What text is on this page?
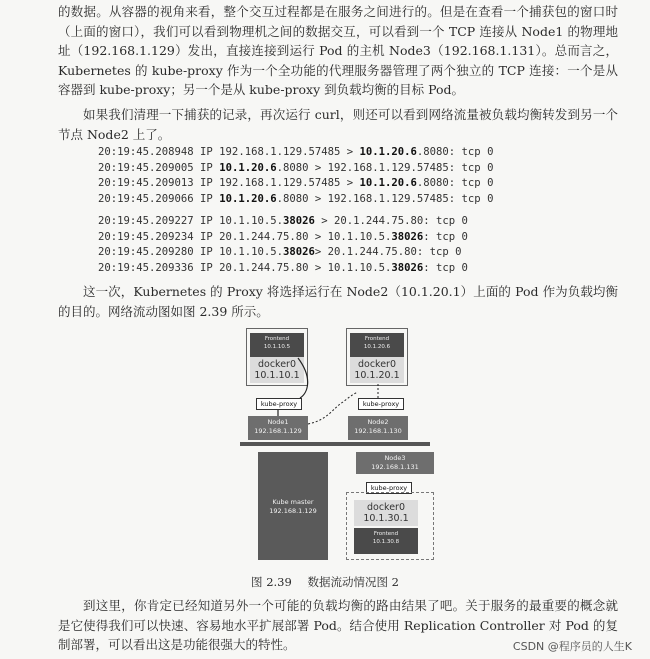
的数据。从容器的视角来看，整个交互过程都是在服务之间进行的。但是在查看一个捕获包的窗口时（上面的窗口），我们可以看到物理机之间的数据交互，可以看到一个 TCP 连接从 Node1 的物理地址（192.168.1.129）发出，直接连接到运行 Pod 的主机 Node3（192.168.1.131）。总而言之，Kubernetes 的 kube-proxy 作为一个全功能的代理服务器管理了两个独立的 TCP 连接：一个是从容器到 kube-proxy；另一个是从 kube-proxy 到负载均衡的目标 Pod。
如果我们清理一下捕获的记录，再次运行 curl，则还可以看到网络流量被负载均衡转发到另一个节点 Node2 上了。
20:19:45.208948 IP 192.168.1.129.57485 > 10.1.20.6.8080: tcp 0
20:19:45.209005 IP 10.1.20.6.8080 > 192.168.1.129.57485: tcp 0
20:19:45.209013 IP 192.168.1.129.57485 > 10.1.20.6.8080: tcp 0
20:19:45.209066 IP 10.1.20.6.8080 > 192.168.1.129.57485: tcp 0
20:19:45.209227 IP 10.1.10.5.38026 > 20.1.244.75.80: tcp 0
20:19:45.209234 IP 20.1.244.75.80 > 10.1.10.5.38026: tcp 0
20:19:45.209280 IP 10.1.10.5.38026> 20.1.244.75.80: tcp 0
20:19:45.209336 IP 20.1.244.75.80 > 10.1.10.5.38026: tcp 0
这一次，Kubernetes 的 Proxy 将选择运行在 Node2（10.1.20.1）上面的 Pod 作为负载均衡的目的。网络流动图如图 2.39 所示。
Frontend
10.1.10.5
docker0
10.1.10.1
Frontend
10.1.20.6
docker0
10.1.20.1
kube-proxy	kube-proxy
Node1
192.168.1.129
Node2
192.168.1.130
Kube master
192.168.1.129
Node3
192.168.1.131
kube-proxy
docker0
10.1.30.1
Frontend
10.1.30.8
图 2.39 数据流动情况图 2
到这里，你肯定已经知道另外一个可能的负载均衡的路由结果了吧。关于服务的最重要的概念就是它使得我们可以快速、容易地水平扩展部署 Pod。结合使用 Replication Controller 对 Pod 的复制部署，可以看出这是功能很强大的特性。	CSDN @程序员的人生K
